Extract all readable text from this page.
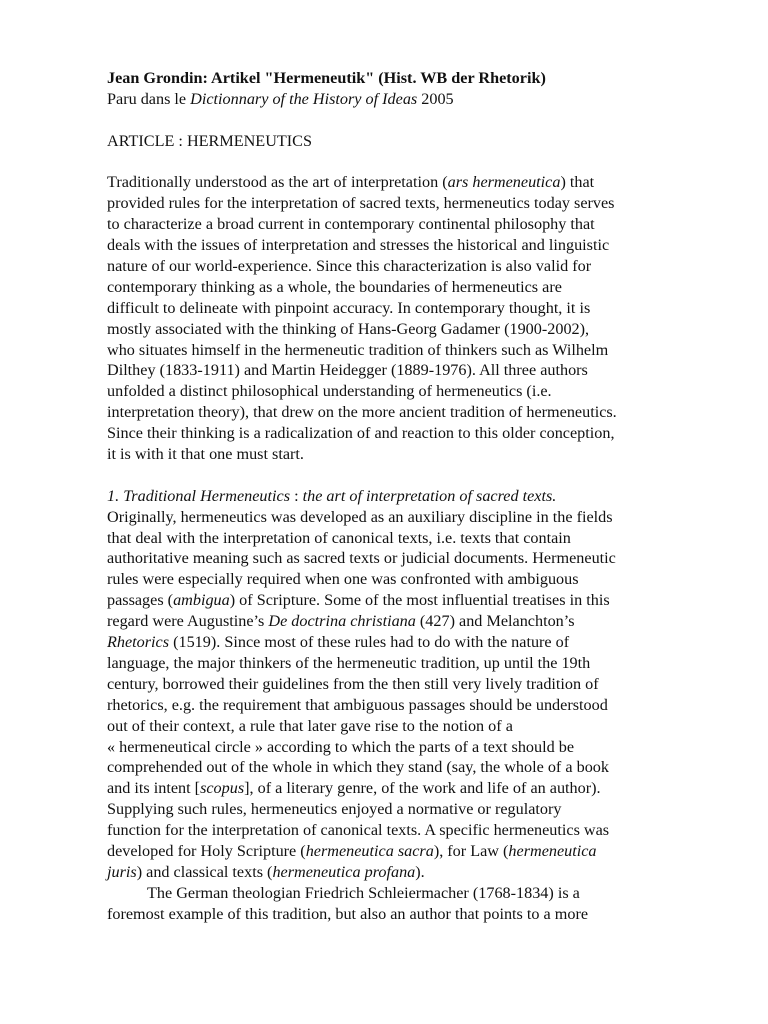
Jean Grondin: Artikel "Hermeneutik" (Hist. WB der Rhetorik)
Paru dans le Dictionnary of the History of Ideas 2005
ARTICLE : HERMENEUTICS
Traditionally understood as the art of interpretation (ars hermeneutica) that
provided rules for the interpretation of sacred texts, hermeneutics today serves
to characterize a broad current in contemporary continental philosophy that
deals with the issues of interpretation and stresses the historical and linguistic
nature of our world-experience. Since this characterization is also valid for
contemporary thinking as a whole, the boundaries of hermeneutics are
difficult to delineate with pinpoint accuracy. In contemporary thought, it is
mostly associated with the thinking of Hans-Georg Gadamer (1900-2002),
who situates himself in the hermeneutic tradition of thinkers such as Wilhelm
Dilthey (1833-1911) and Martin Heidegger (1889-1976). All three authors
unfolded a distinct philosophical understanding of hermeneutics (i.e.
interpretation theory), that drew on the more ancient tradition of hermeneutics.
Since their thinking is a radicalization of and reaction to this older conception,
it is with it that one must start.
1. Traditional Hermeneutics : the art of interpretation of sacred texts.
Originally, hermeneutics was developed as an auxiliary discipline in the fields
that deal with the interpretation of canonical texts, i.e. texts that contain
authoritative meaning such as sacred texts or judicial documents. Hermeneutic
rules were especially required when one was confronted with ambiguous
passages (ambigua) of Scripture. Some of the most influential treatises in this
regard were Augustine’s De doctrina christiana (427) and Melanchton’s
Rhetorics (1519). Since most of these rules had to do with the nature of
language, the major thinkers of the hermeneutic tradition, up until the 19th
century, borrowed their guidelines from the then still very lively tradition of
rhetorics, e.g. the requirement that ambiguous passages should be understood
out of their context, a rule that later gave rise to the notion of a
« hermeneutical circle » according to which the parts of a text should be
comprehended out of the whole in which they stand (say, the whole of a book
and its intent [scopus], of a literary genre, of the work and life of an author).
Supplying such rules, hermeneutics enjoyed a normative or regulatory
function for the interpretation of canonical texts. A specific hermeneutics was
developed for Holy Scripture (hermeneutica sacra), for Law (hermeneutica
juris) and classical texts (hermeneutica profana).
The German theologian Friedrich Schleiermacher (1768-1834) is a
foremost example of this tradition, but also an author that points to a more
